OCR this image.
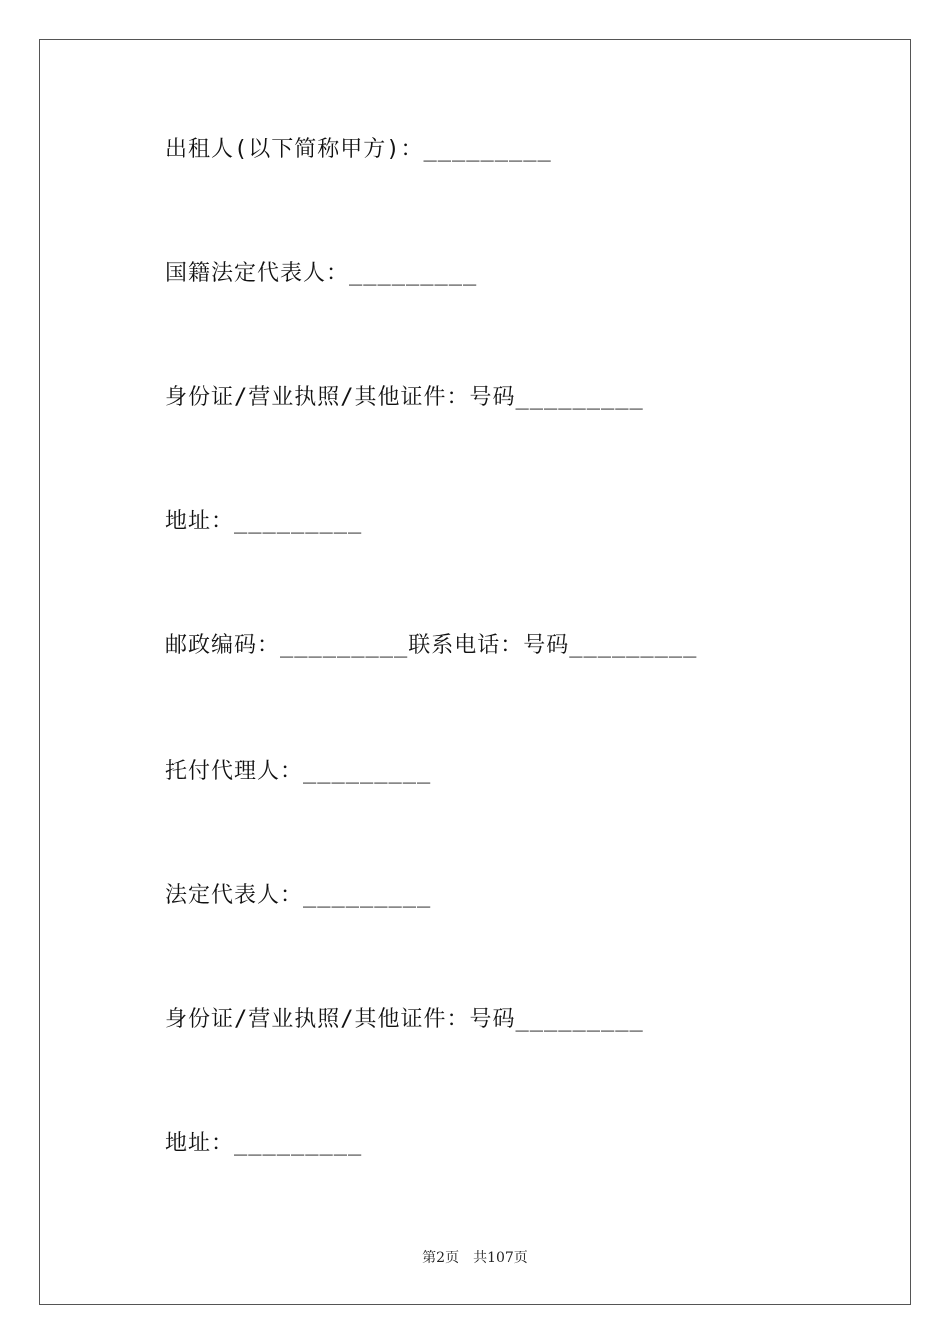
出租人(以下简称甲方)：_________
国籍法定代表人：_________
身份证/营业执照/其他证件：号码_________
地址：_________
邮政编码：_________联系电话：号码_________
托付代理人：_________
法定代表人：_________
身份证/营业执照/其他证件：号码_________
地址：_________
第2页　共107页
